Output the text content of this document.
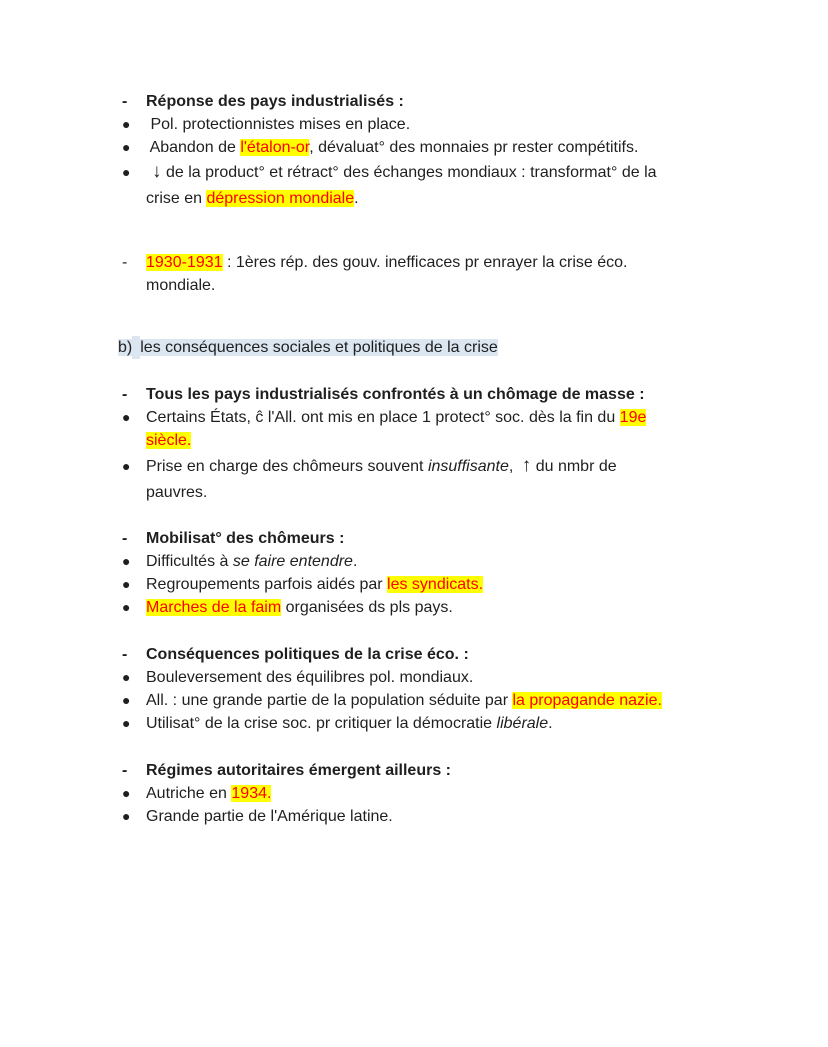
- Réponse des pays industrialisés :
● Pol. protectionnistes mises en place.
● Abandon de l'étalon-or, dévaluat° des monnaies pr rester compétitifs.
● ↓ de la product° et rétract° des échanges mondiaux : transformat° de la
crise en dépression mondiale.
- 1930-1931 : 1ères rép. des gouv. inefficaces pr enrayer la crise éco.
mondiale.
b) les conséquences sociales et politiques de la crise
- Tous les pays industrialisés confrontés à un chômage de masse :
● Certains États, ĉ l'All. ont mis en place 1 protect° soc. dès la fin du 19e
siècle.
● Prise en charge des chômeurs souvent insuffisante, ↑ du nmbr de
pauvres.
- Mobilisat° des chômeurs :
● Difficultés à se faire entendre.
● Regroupements parfois aidés par les syndicats.
● Marches de la faim organisées ds pls pays.
- Conséquences politiques de la crise éco. :
● Bouleversement des équilibres pol. mondiaux.
● All. : une grande partie de la population séduite par la propagande nazie.
● Utilisat° de la crise soc. pr critiquer la démocratie libérale.
- Régimes autoritaires émergent ailleurs :
● Autriche en 1934.
● Grande partie de l'Amérique latine.
